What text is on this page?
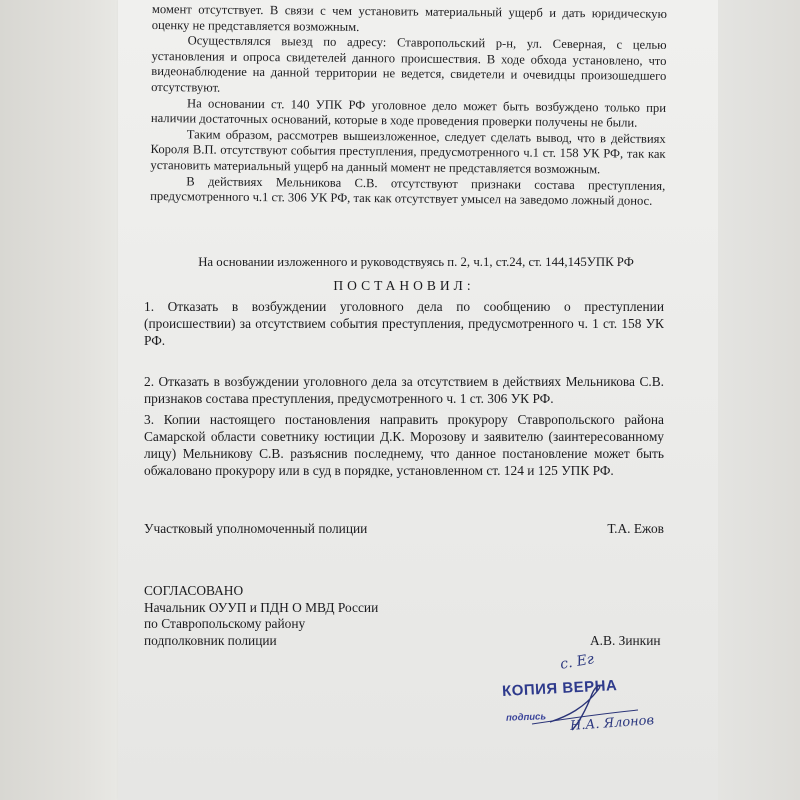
момент отсутствует. В связи с чем установить материальный ущерб и дать юридическую оценку не представляется возможным.

Осуществлялся выезд по адресу: Ставропольский р-н, ул. Северная, с целью установления и опроса свидетелей данного происшествия. В ходе обхода установлено, что видеонаблюдение на данной территории не ведется, свидетели и очевидцы произошедшего отсутствуют.

На основании ст. 140 УПК РФ уголовное дело может быть возбуждено только при наличии достаточных оснований, которые в ходе проведения проверки получены не были.

Таким образом, рассмотрев вышеизложенное, следует сделать вывод, что в действиях Короля В.П. отсутствуют события преступления, предусмотренного ч.1 ст. 158 УК РФ, так как установить материальный ущерб на данный момент не представляется возможным.

В действиях Мельникова С.В. отсутствуют признаки состава преступления, предусмотренного ч.1 ст. 306 УК РФ, так как отсутствует умысел на заведомо ложный донос.

На основании изложенного и руководствуясь п. 2, ч.1, ст.24, ст. 144,145УПК РФ
ПОСТАНОВИЛ:

1. Отказать в возбуждении уголовного дела по сообщению о преступлении (происшествии) за отсутствием события преступления, предусмотренного ч. 1 ст. 158 УК РФ.

2. Отказать в возбуждении уголовного дела за отсутствием в действиях Мельникова С.В. признаков состава преступления, предусмотренного ч. 1 ст. 306 УК РФ.

3. Копии настоящего постановления направить прокурору Ставропольского района Самарской области советнику юстиции Д.К. Морозову и заявителю (заинтересованному лицу) Мельникову С.В. разъяснив последнему, что данное постановление может быть обжаловано прокурору или в суд в порядке, установленном ст. 124 и 125 УПК РФ.

Участковый уполномоченный полиции	Т.А. Ежов
СОГЛАСОВАНО
Начальник ОУУП и ПДН О МВД России
по Ставропольскому району
подполковник полиции	А.В. Зинкин
КОПИЯ ВЕРНА
подпись
с. Ег
Н.А. Ялонов
